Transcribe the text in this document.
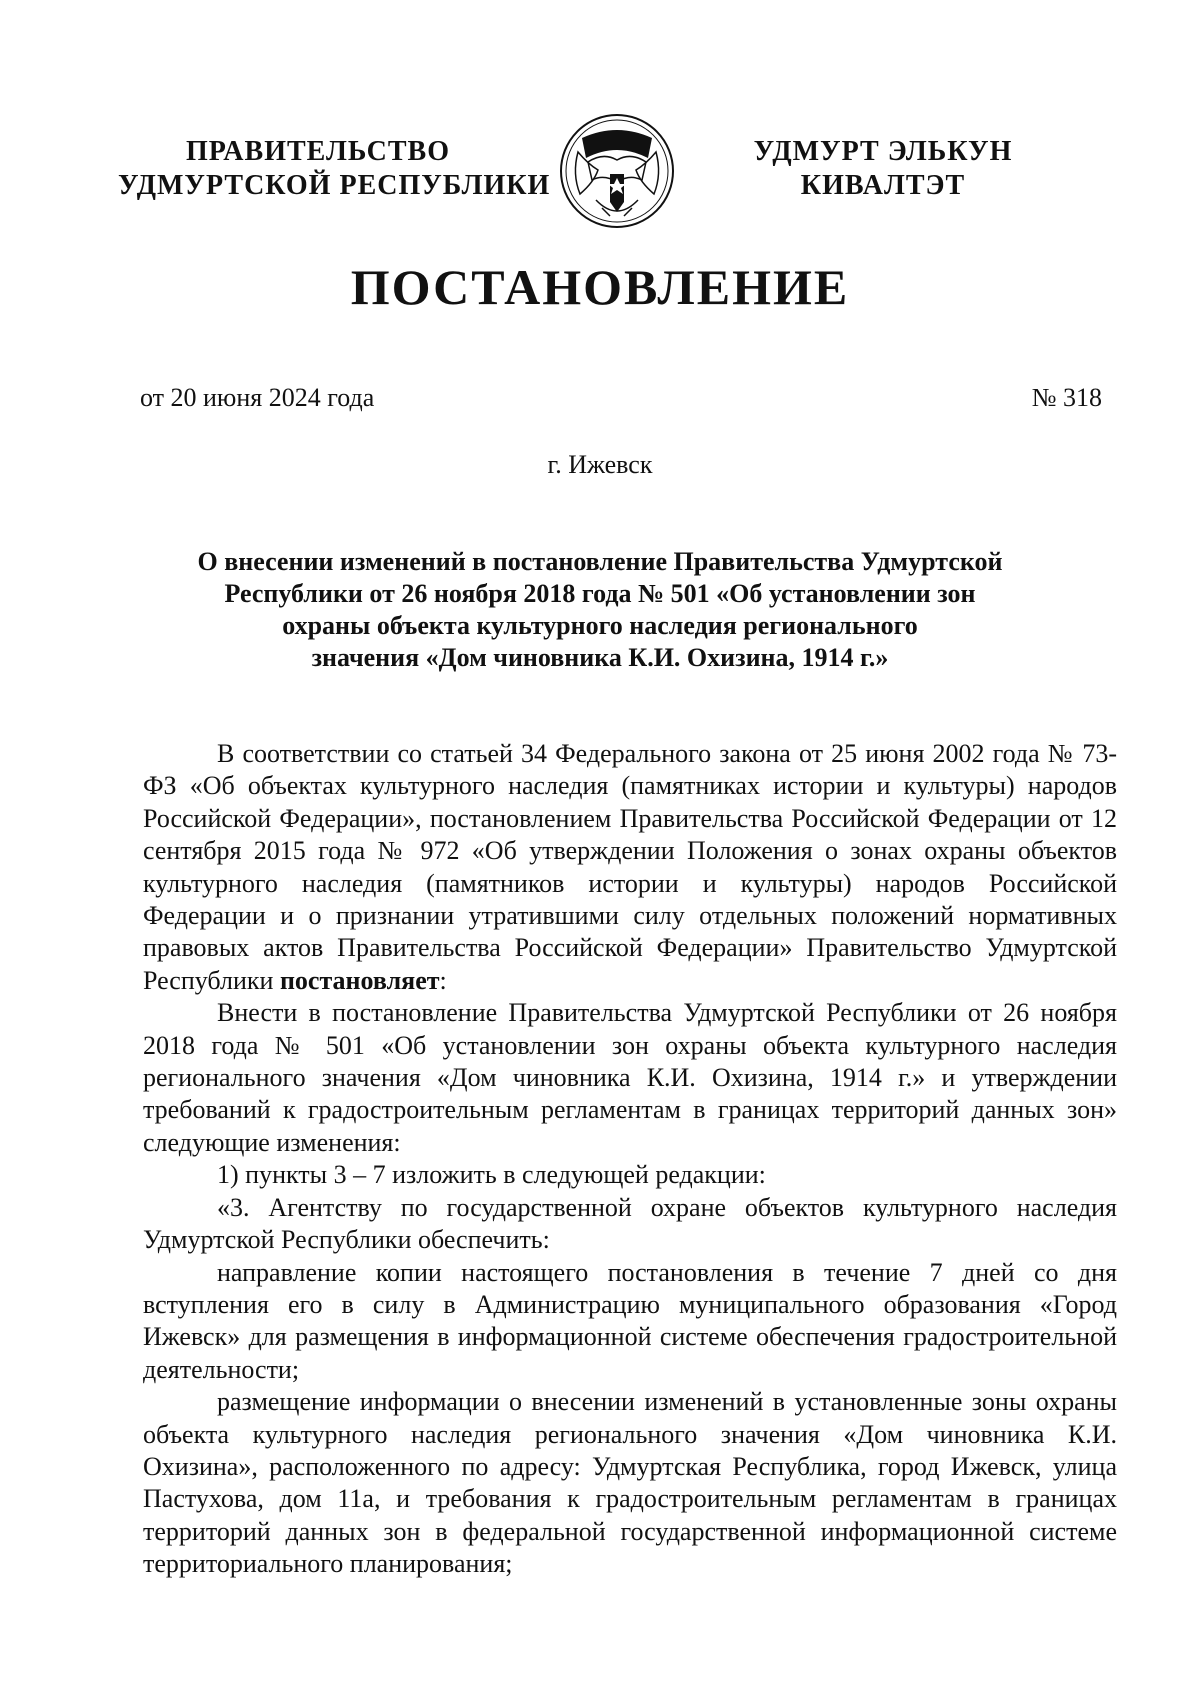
ПРАВИТЕЛЬСТВО
УДМУРТСКОЙ РЕСПУБЛИКИ
УДМУРТ ЭЛЬКУН
КИВАЛТЭТ
ПОСТАНОВЛЕНИЕ
от 20 июня 2024 года	№ 318
г. Ижевск
О внесении изменений в постановление Правительства Удмуртской
Республики от 26 ноября 2018 года № 501 «Об установлении зон
охраны объекта культурного наследия регионального
значения «Дом чиновника К.И. Охизина, 1914 г.»

В соответствии со статьей 34 Федерального закона от 25 июня 2002 года № 73-ФЗ «Об объектах культурного наследия (памятниках истории и культуры) народов Российской Федерации», постановлением Правительства Российской Федерации от 12 сентября 2015 года № 972 «Об утверждении Положения о зонах охраны объектов культурного наследия (памятников истории и культуры) народов Российской Федерации и о признании утратившими силу отдельных положений нормативных правовых актов Правительства Российской Федерации» Правительство Удмуртской Республики постановляет:

Внести в постановление Правительства Удмуртской Республики от 26 ноября 2018 года № 501 «Об установлении зон охраны объекта культурного наследия регионального значения «Дом чиновника К.И. Охизина, 1914 г.» и утверждении требований к градостроительным регламентам в границах территорий данных зон» следующие изменения:

1) пункты 3 – 7 изложить в следующей редакции:

«3. Агентству по государственной охране объектов культурного наследия Удмуртской Республики обеспечить:

направление копии настоящего постановления в течение 7 дней со дня вступления его в силу в Администрацию муниципального образования «Город Ижевск» для размещения в информационной системе обеспечения градостроительной деятельности;

размещение информации о внесении изменений в установленные зоны охраны объекта культурного наследия регионального значения «Дом чиновника К.И. Охизина», расположенного по адресу: Удмуртская Республика, город Ижевск, улица Пастухова, дом 11а, и требования к градостроительным регламентам в границах территорий данных зон в федеральной государственной информационной системе территориального планирования;
